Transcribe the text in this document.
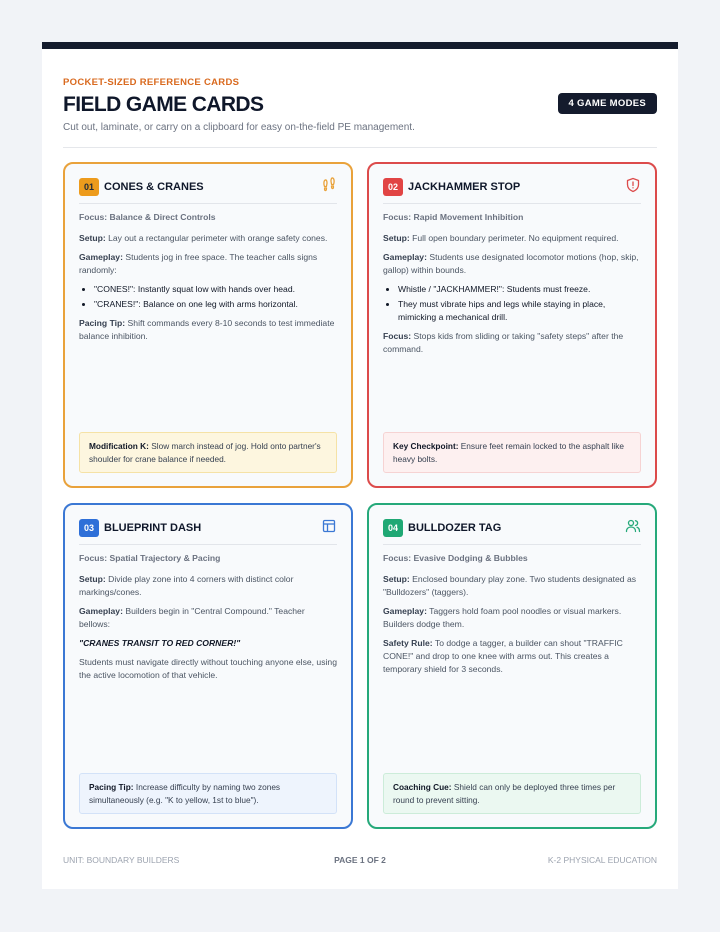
POCKET-SIZED REFERENCE CARDS
FIELD GAME CARDS	4 GAME MODES
Cut out, laminate, or carry on a clipboard for easy on-the-field PE management.
01 CONES & CRANES

Focus: Balance & Direct Controls

Setup: Lay out a rectangular perimeter with orange safety cones.

Gameplay: Students jog in free space. The teacher calls signs randomly:

• "CONES!": Instantly squat low with hands over head.
• "CRANES!": Balance on one leg with arms horizontal.

Pacing Tip: Shift commands every 8-10 seconds to test immediate balance inhibition.

Modification K: Slow march instead of jog. Hold onto partner's shoulder for crane balance if needed.
02 JACKHAMMER STOP

Focus: Rapid Movement Inhibition

Setup: Full open boundary perimeter. No equipment required.

Gameplay: Students use designated locomotor motions (hop, skip, gallop) within bounds.

• Whistle / "JACKHAMMER!": Students must freeze.
• They must vibrate hips and legs while staying in place, mimicking a mechanical drill.

Focus: Stops kids from sliding or taking "safety steps" after the command.

Key Checkpoint: Ensure feet remain locked to the asphalt like heavy bolts.
03 BLUEPRINT DASH

Focus: Spatial Trajectory & Pacing

Setup: Divide play zone into 4 corners with distinct color markings/cones.

Gameplay: Builders begin in "Central Compound." Teacher bellows:

"CRANES TRANSIT TO RED CORNER!"

Students must navigate directly without touching anyone else, using the active locomotion of that vehicle.

Pacing Tip: Increase difficulty by naming two zones simultaneously (e.g. "K to yellow, 1st to blue").
04 BULLDOZER TAG

Focus: Evasive Dodging & Bubbles

Setup: Enclosed boundary play zone. Two students designated as "Bulldozers" (taggers).

Gameplay: Taggers hold foam pool noodles or visual markers. Builders dodge them.

Safety Rule: To dodge a tagger, a builder can shout "TRAFFIC CONE!" and drop to one knee with arms out. This creates a temporary shield for 3 seconds.

Coaching Cue: Shield can only be deployed three times per round to prevent sitting.
UNIT: BOUNDARY BUILDERS	PAGE 1 OF 2	K-2 PHYSICAL EDUCATION
